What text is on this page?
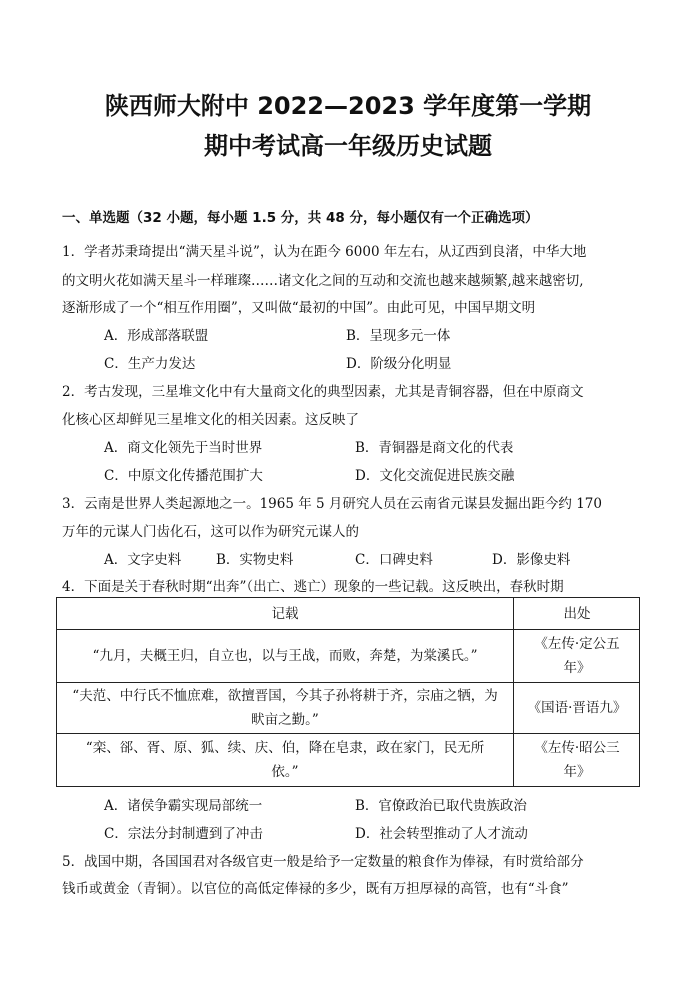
陕西师大附中 2022—2023 学年度第一学期
期中考试高一年级历史试题
一、单选题（32 小题，每小题 1.5 分，共 48 分，每小题仅有一个正确选项）
1．学者苏秉琦提出“满天星斗说”，认为在距今 6000 年左右，从辽西到良渚，中华大地
的文明火花如满天星斗一样璀璨……诸文化之间的互动和交流也越来越频繁,越来越密切,
逐渐形成了一个“相互作用圈”，又叫做“最初的中国”。由此可见，中国早期文明
A．形成部落联盟	B．呈现多元一体
C．生产力发达	D．阶级分化明显
2．考古发现，三星堆文化中有大量商文化的典型因素，尤其是青铜容器，但在中原商文
化核心区却鲜见三星堆文化的相关因素。这反映了
A．商文化领先于当时世界	B．青铜器是商文化的代表
C．中原文化传播范围扩大	D．文化交流促进民族交融
3．云南是世界人类起源地之一。1965 年 5 月研究人员在云南省元谋县发掘出距今约 170
万年的元谋人门齿化石，这可以作为研究元谋人的
A．文字史料	B．实物史料	C．口碑史料	D．影像史料
4．下面是关于春秋时期“出奔”（出亡、逃亡）现象的一些记载。这反映出，春秋时期
记载	出处
“九月，夫概王归，自立也，以与王战，而败，奔楚，为棠溪氏。”
《左传·定公五
年》
“夫范、中行氏不恤庶难，欲擅晋国，今其子孙将耕于齐，宗庙之牺，为
畎亩之勤。”
《国语·晋语九》
“栾、郤、胥、原、狐、续、庆、伯，降在皂隶，政在家门，民无所
依。”
《左传·昭公三
年》
A．诸侯争霸实现局部统一	B．官僚政治已取代贵族政治
C．宗法分封制遭到了冲击	D．社会转型推动了人才流动
5．战国中期，各国国君对各级官吏一般是给予一定数量的粮食作为俸禄，有时赏给部分
钱币或黄金（青铜）。以官位的高低定俸禄的多少，既有万担厚禄的高管，也有“斗食”
